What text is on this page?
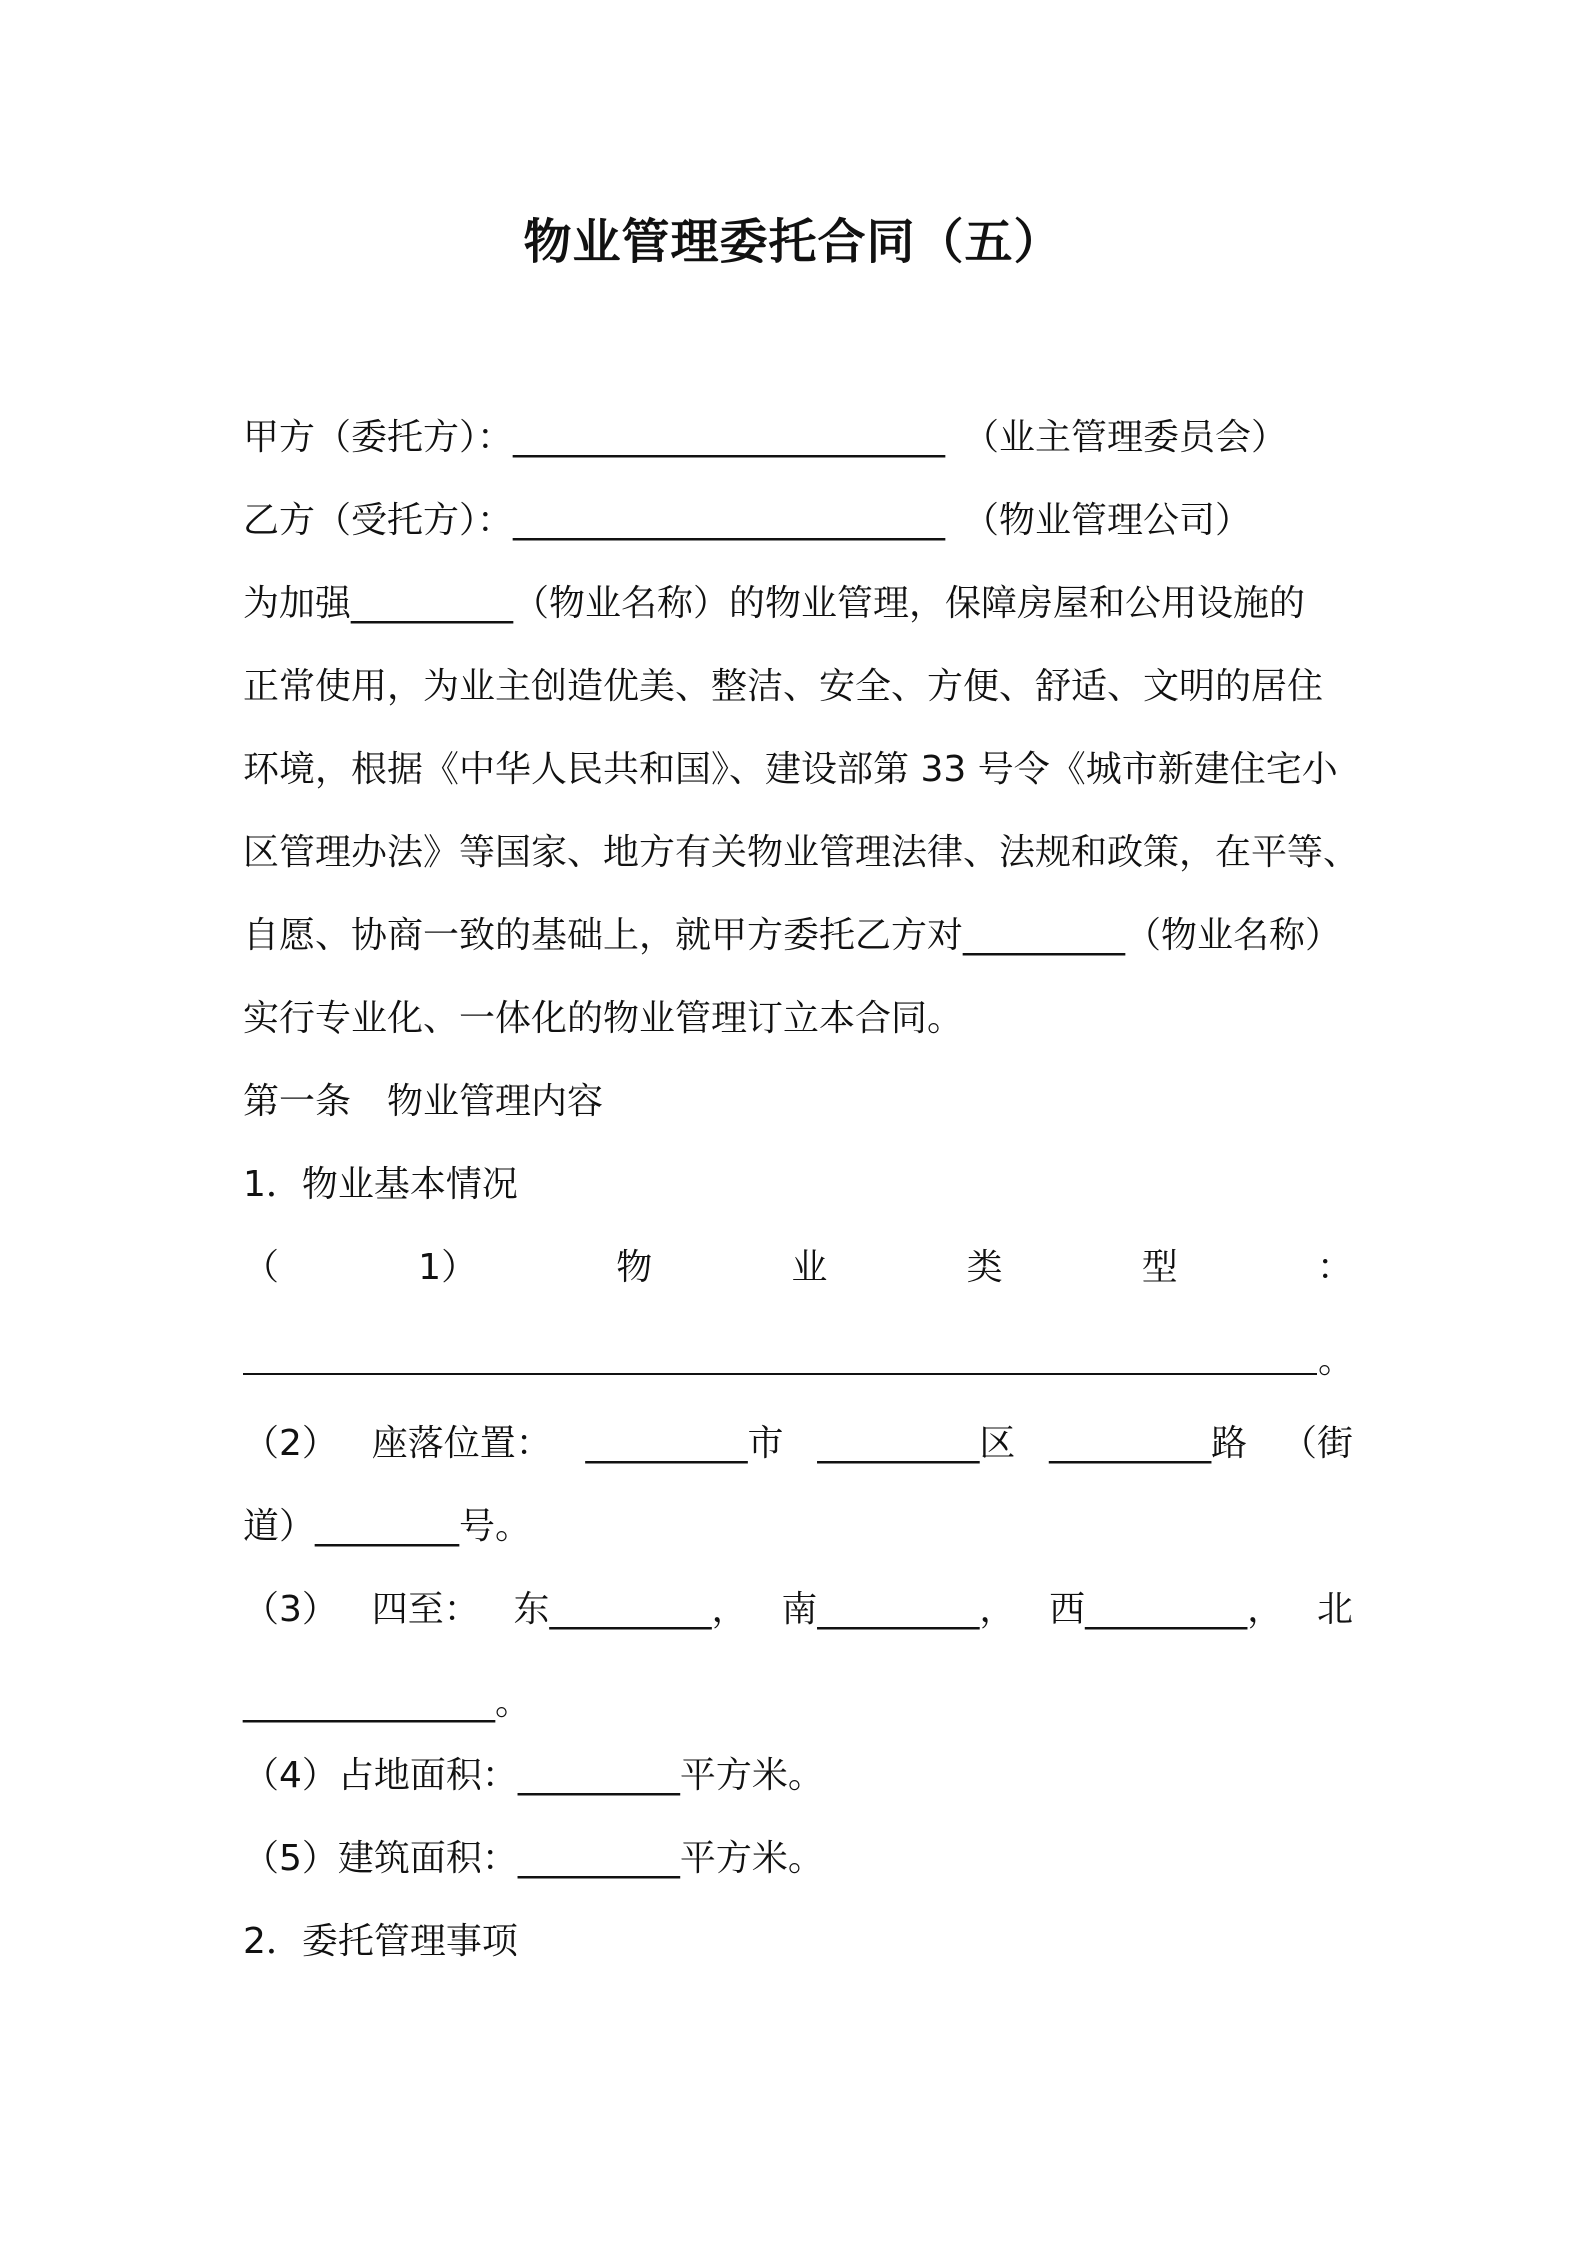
物业管理委托合同（五）
甲方（委托方）：________________________ （业主管理委员会）
乙方（受托方）：________________________ （物业管理公司）
为加强_________（物业名称）的物业管理，保障房屋和公用设施的
正常使用，为业主创造优美、整洁、安全、方便、舒适、文明的居住
环境，根据《中华人民共和国》、建设部第 33 号令《城市新建住宅小
区管理办法》等国家、地方有关物业管理法律、法规和政策，在平等、
自愿、协商一致的基础上，就甲方委托乙方对_________（物业名称）
实行专业化、一体化的物业管理订立本合同。
第一条　物业管理内容
1．物业基本情况
（	1）	物	业	类	型	：
。
（2） 座落位置： _________市 _________区 _________路 （街
道）________号。
（3） 四至： 东_________， 南_________， 西_________， 北
______________。
（4）占地面积：_________平方米。
（5）建筑面积：_________平方米。
2．委托管理事项
